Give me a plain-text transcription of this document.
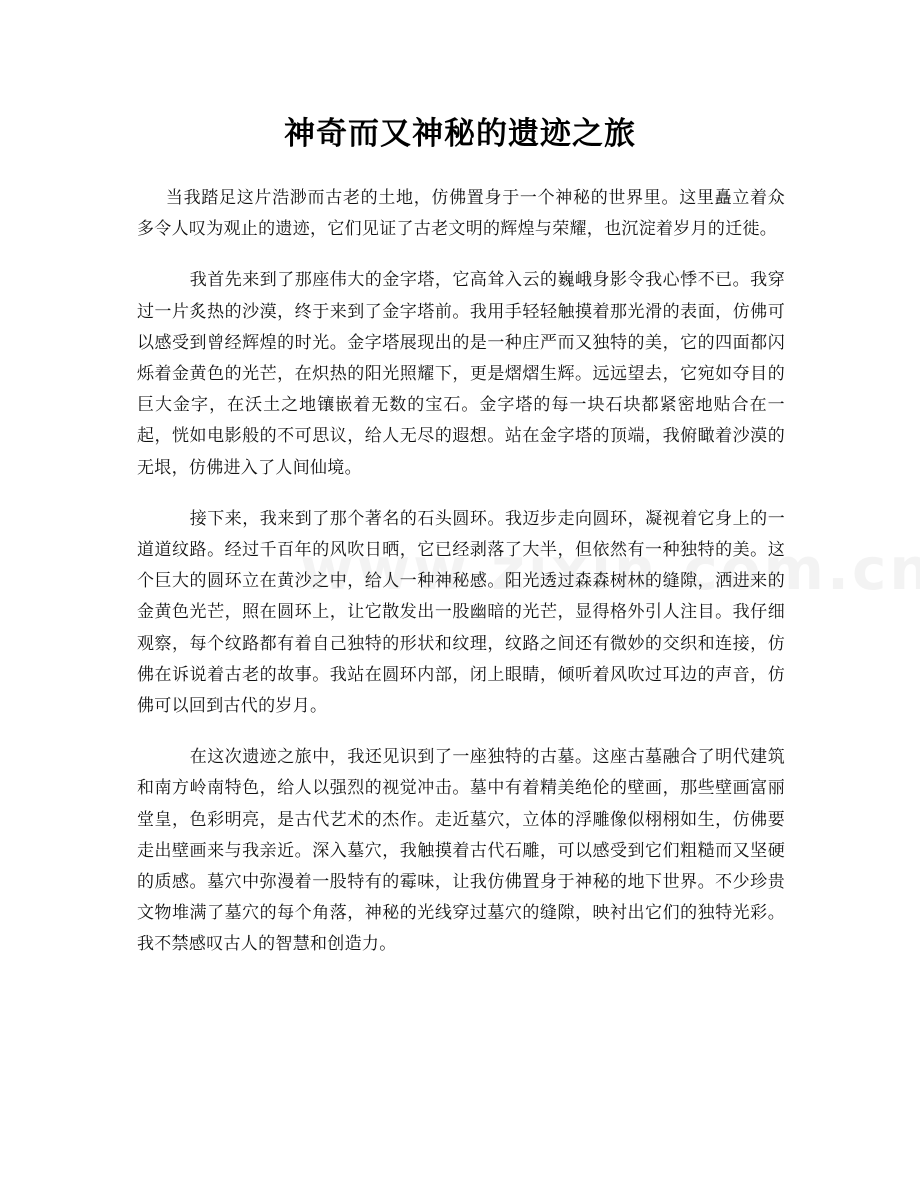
神奇而又神秘的遗迹之旅

当我踏足这片浩渺而古老的土地，仿佛置身于一个神秘的世界里。这里矗立着众多令人叹为观止的遗迹，它们见证了古老文明的辉煌与荣耀，也沉淀着岁月的迁徙。

我首先来到了那座伟大的金字塔，它高耸入云的巍峨身影令我心悸不已。我穿过一片炙热的沙漠，终于来到了金字塔前。我用手轻轻触摸着那光滑的表面，仿佛可以感受到曾经辉煌的时光。金字塔展现出的是一种庄严而又独特的美，它的四面都闪烁着金黄色的光芒，在炽热的阳光照耀下，更是熠熠生辉。远远望去，它宛如夺目的巨大金字，在沃土之地镶嵌着无数的宝石。金字塔的每一块石块都紧密地贴合在一起，恍如电影般的不可思议，给人无尽的遐想。站在金字塔的顶端，我俯瞰着沙漠的无垠，仿佛进入了人间仙境。

接下来，我来到了那个著名的石头圆环。我迈步走向圆环，凝视着它身上的一道道纹路。经过千百年的风吹日晒，它已经剥落了大半，但依然有一种独特的美。这个巨大的圆环立在黄沙之中，给人一种神秘感。阳光透过森森树林的缝隙，洒进来的金黄色光芒，照在圆环上，让它散发出一股幽暗的光芒，显得格外引人注目。我仔细观察，每个纹路都有着自己独特的形状和纹理，纹路之间还有微妙的交织和连接，仿佛在诉说着古老的故事。我站在圆环内部，闭上眼睛，倾听着风吹过耳边的声音，仿佛可以回到古代的岁月。

在这次遗迹之旅中，我还见识到了一座独特的古墓。这座古墓融合了明代建筑和南方岭南特色，给人以强烈的视觉冲击。墓中有着精美绝伦的壁画，那些壁画富丽堂皇，色彩明亮，是古代艺术的杰作。走近墓穴，立体的浮雕像似栩栩如生，仿佛要走出壁画来与我亲近。深入墓穴，我触摸着古代石雕，可以感受到它们粗糙而又坚硬的质感。墓穴中弥漫着一股特有的霉味，让我仿佛置身于神秘的地下世界。不少珍贵文物堆满了墓穴的每个角落，神秘的光线穿过墓穴的缝隙，映衬出它们的独特光彩。我不禁感叹古人的智慧和创造力。
